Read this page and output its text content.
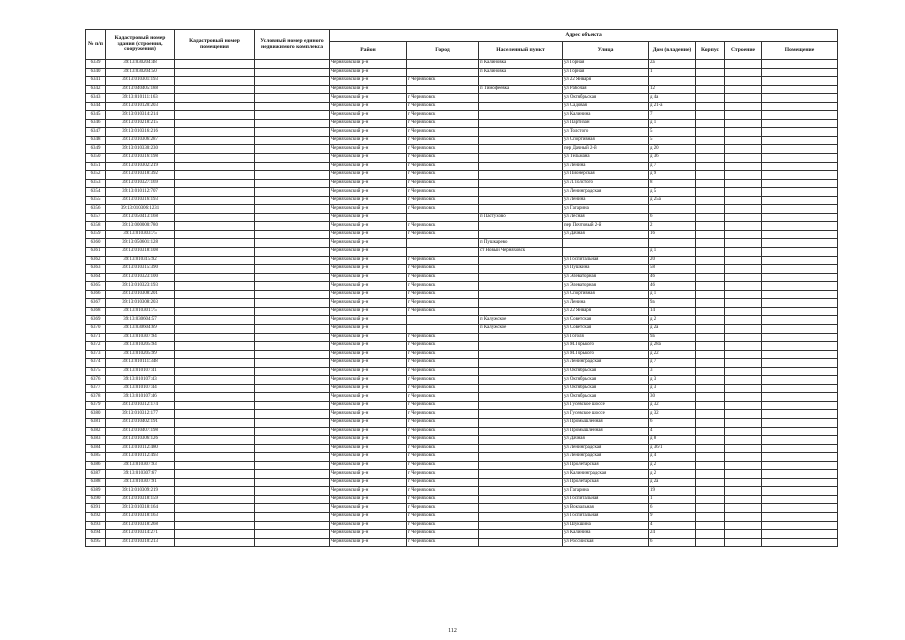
№ п/п	Кадастровый номер здания (строения, сооружения)	Кадастровый номер помещения	Условный номер единого недвижимого комплекса	Адрес объекта							
				Район	Город	Населенный пункт	Улица	Дом (владение)	Корпус	Строение	Помещение
6339	39:13:030204:48			Черняховский р-н		п Калиновка	ул Горная	2а			
6340	39:13:030204:50			Черняховский р-н		п Калиновка	ул Горная	1			
6341	39:13:010301:193			Черняховский р-н	г Черняховск		ул 22 Января				
6342	39:13:040405:188			Черняховский р-н		п Тимофеевка	ул Рабочая	12			
6343	39:13:010111:163			Черняховский р-н	г Черняховск		ул Октябрьская	д 4а			
6344	39:13:010120:203			Черняховский р-н	г Черняховск		ул Садовая	д 21-а			
6345	39:13:010314:214			Черняховский р-н	г Черняховск		ул Калинина	7			
6346	39:13:010218:215			Черняховский р-н	г Черняховск		ул Партизан	д 1			
6347	39:13:010316:216			Черняховский р-н	г Черняховск		ул Толстого	5			
6348	39:13:010306:287			Черняховский р-н	г Черняховск		ул Спортивная	5			
6349	39:13:010330:230			Черняховский р-н	г Черняховск		пер Дачный 2-й	д 20			
6350	39:13:010316:198			Черняховский р-н	г Черняховск		ул Тельмана	д 36			
6351	39:13:010302:219			Черняховский р-н	г Черняховск		ул Ленина	д 7			
6352	39:13:010318:392			Черняховский р-н	г Черняховск		ул Пионерская	д 9			
6353	39:13:010327:169			Черняховский р-н	г Черняховск		ул Л.Толстого	8			
6354	39:13:010112:707			Черняховский р-н	г Черняховск		ул Ленинградская	д 5			
6355	39:13:010316:193			Черняховский р-н	г Черняховск		ул Ленина	д 25а			
6356	39:13:010306:1231			Черняховский р-н	г Черняховск		ул Гагарина				
6357	39:13:050413:168			Черняховский р-н		п Пастухово	ул Лесная	6			
6358	39:13:000000:780			Черняховский р-н	г Черняховск		пер Почтовый 2-й	2			
6359	39:13:010303:75			Черняховский р-н	г Черняховск		ул Дачная	16			
6360	39:13:050601:128			Черняховский р-н		п Пушкарево					
6361	39:13:010318:108			Черняховский р-н		ст Новый Черняховск		д 1			
6362	39:13:010315:92			Черняховский р-н	г Черняховск		ул Госпитальная	20			
6363	39:13:010315:390			Черняховский р-н	г Черняховск		ул Пушкина	58			
6364	39:13:010323:100			Черняховский р-н	г Черняховск		ул Элеваторная	46			
6365	39:13:010323:193			Черняховский р-н	г Черняховск		ул Элеваторная	46			
6366	39:13:010308:201			Черняховский р-н	г Черняховск		ул Спортивная	д 1			
6367	39:13:010308:203			Черняховский р-н	г Черняховск		ул Ленина	9а			
6368	39:13:010301:75			Черняховский р-н	г Черняховск		ул 22 Января	14			
6369	39:13:030604:57			Черняховский р-н		п Калужское	ул Советская	д 2			
6370	39:13:030604:69			Черняховский р-н		п Калужское	ул Советская	д 2а			
6371	39:13:010307:94			Черняховский р-н	г Черняховск		ул Гоголя	9а			
6372	39:13:010205:94			Черняховский р-н	г Черняховск		ул М.Горького	д 28а			
6373	39:13:010205:99			Черняховский р-н	г Черняховск		ул М.Горького	д 22			
6374	39:13:010111:348			Черняховский р-н	г Черняховск		ул Ленинградская	д 7			
6375	39:13:010107:41			Черняховский р-н	г Черняховск		ул Октябрьская	3			
6376	39:13:010107:43			Черняховский р-н	г Черняховск		ул Октябрьская	д 3			
6377	39:13:010107:44			Черняховский р-н	г Черняховск		ул Октябрьская	д 3			
6378	39:13:010107:46			Черняховский р-н	г Черняховск		ул Октябрьская	30			
6379	39:13:010312:174			Черняховский р-н	г Черняховск		ул Гусевское шоссе	д 32			
6380	39:13:010312:177			Черняховский р-н	г Черняховск		ул Гусевское шоссе	д 32			
6381	39:13:010402:191			Черняховский р-н	г Черняховск		ул Промышленная	6			
6382	39:13:010407:198			Черняховский р-н	г Черняховск		ул Промышленная	4			
6383	39:13:010306:126			Черняховский р-н	г Черняховск		ул Дачная	д 8			
6384	39:13:010112:480			Черняховский р-н	г Черняховск		ул Ленинградская	д 36/1			
6385	39:13:010112:493			Черняховский р-н	г Черняховск		ул Ленинградская	д 4			
6386	39:13:010307:93			Черняховский р-н	г Черняховск		ул Пролетарская	д 2			
6387	39:13:010307:67			Черняховский р-н	г Черняховск		ул Калининградская	д 2			
6388	39:13:010307:91			Черняховский р-н	г Черняховск		ул Пролетарская	д 2а			
6389	39:13:010309:219			Черняховский р-н	г Черняховск		ул Гагарина	19			
6390	39:13:010318:159			Черняховский р-н	г Черняховск		ул Госпитальная	1			
6391	39:13:010318:164			Черняховский р-н	г Черняховск		ул Вокзальная	6			
6392	39:13:010318:163			Черняховский р-н	г Черняховск		ул Госпитальная	9			
6393	39:13:010318:268			Черняховский р-н	г Черняховск		ул Шукшина	4			
6394	39:13:010314:271			Черняховский р-н	г Черняховск		ул Калинина	24			
6395	39:13:010310:213			Черняховский р-н	г Черняховск		ул Российская	6			
112
